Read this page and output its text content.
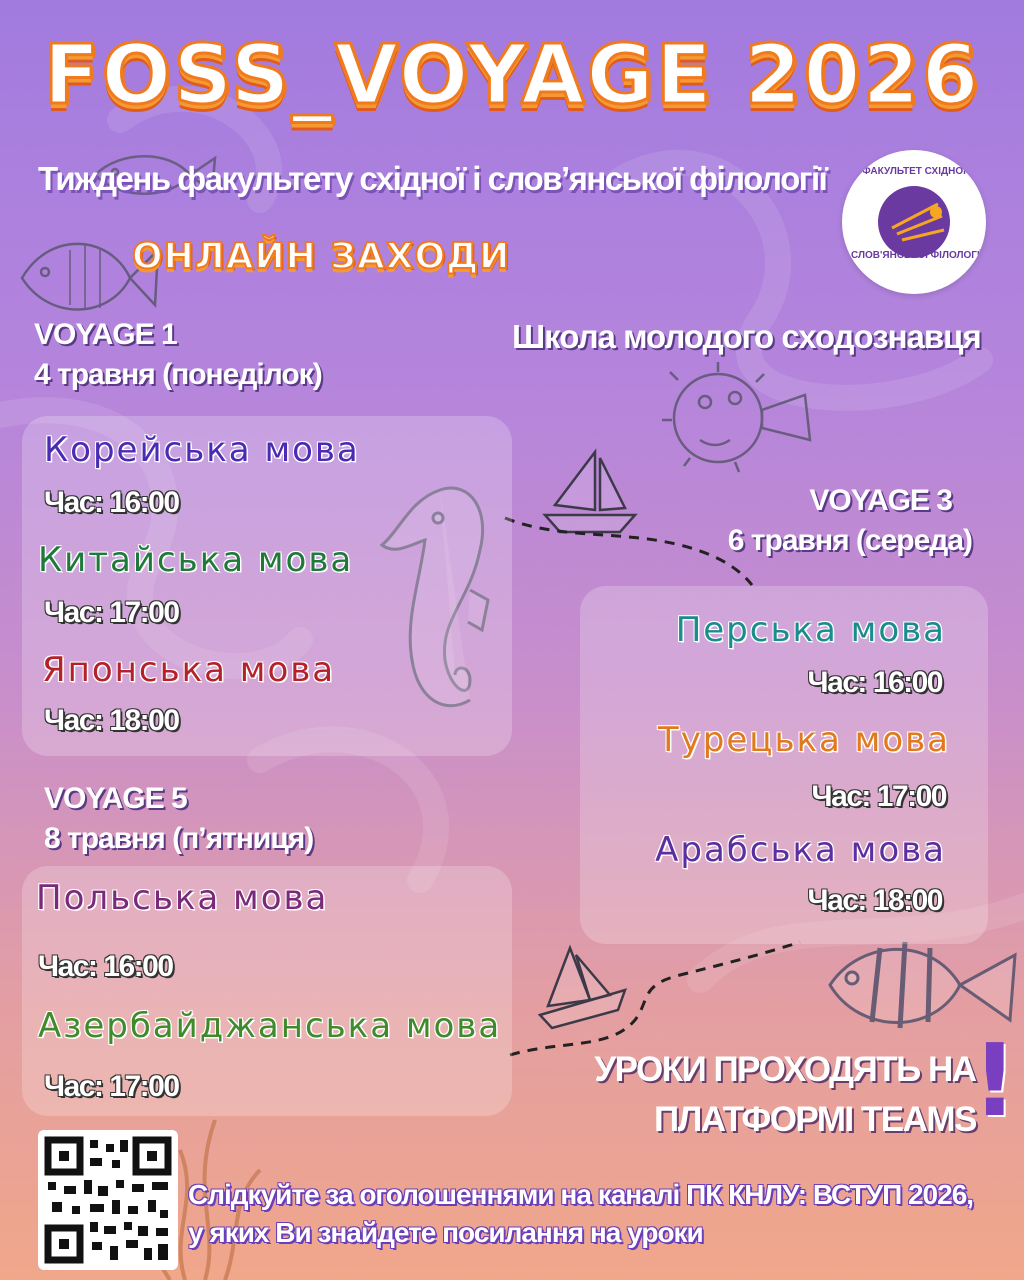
FOSS_VOYAGE 2026
Тиждень факультету східної і слов’янської філології
ОНЛАЙН ЗАХОДИ
ФАКУЛЬТЕТ СХІДНОЇ
І СЛОВ'ЯНСЬКОЇ ФІЛОЛОГІЇ
Школа молодого сходознавця
VOYAGE 1
4 травня (понеділок)
Корейська мова
Час: 16:00
Китайська мова
Час: 17:00
Японська мова
Час: 18:00
VOYAGE 3
6 травня (середа)
Перська мова
Час: 16:00
Турецька мова
Час: 17:00
Арабська мова
Час: 18:00
VOYAGE 5
8 травня (п’ятниця)
Польська мова
Час: 16:00
Азербайджанська мова
Час: 17:00	УРОКИ ПРОХОДЯТЬ НА
ПЛАТФОРМІ TEAMS
!
Слідкуйте за оголошеннями на каналі ПК КНЛУ: ВСТУП 2026,
у яких Ви знайдете посилання на уроки
